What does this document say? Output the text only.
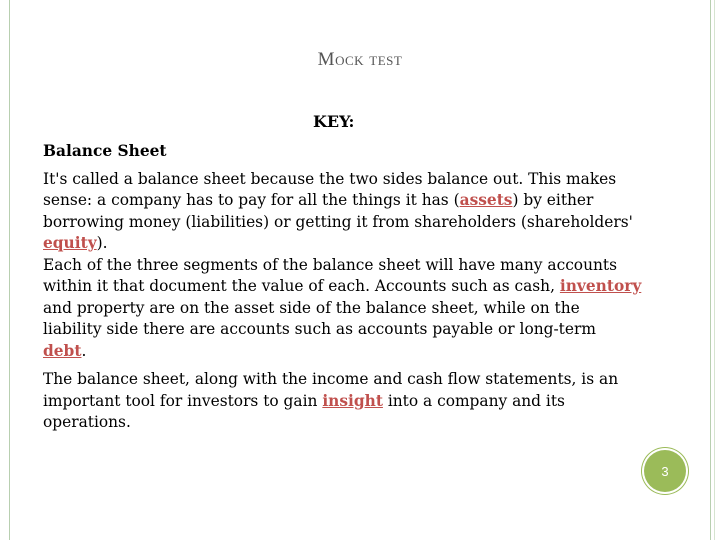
Mock test
KEY:
Balance Sheet

It's called a balance sheet because the two sides balance out. This makes sense: a company has to pay for all the things it has (assets) by either borrowing money (liabilities) or getting it from shareholders (shareholders' equity).

Each of the three segments of the balance sheet will have many accounts within it that document the value of each. Accounts such as cash, inventory and property are on the asset side of the balance sheet, while on the liability side there are accounts such as accounts payable or long-term debt.

The balance sheet, along with the income and cash flow statements, is an important tool for investors to gain insight into a company and its operations.

3
